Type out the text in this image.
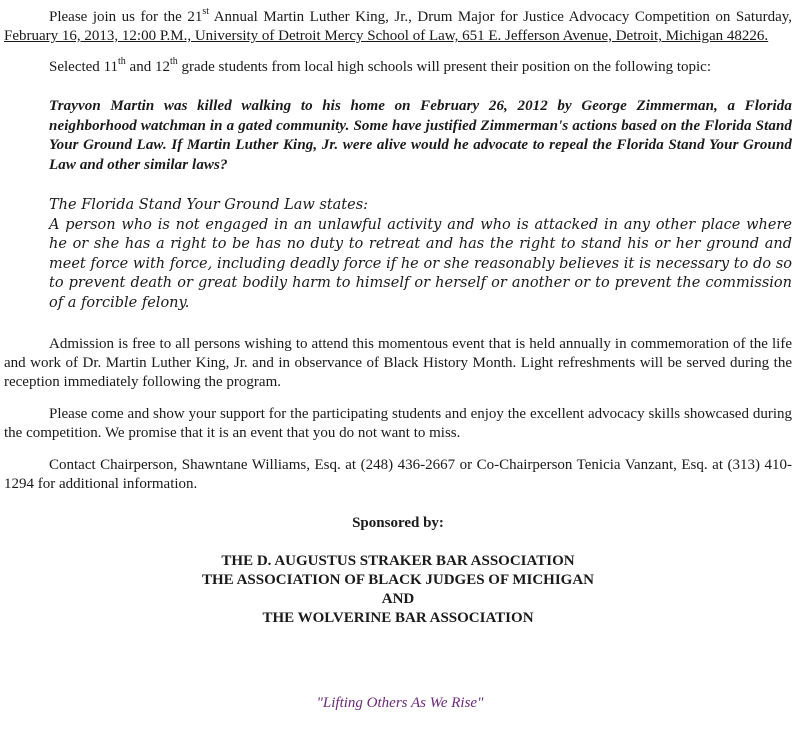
Please join us for the 21st Annual Martin Luther King, Jr., Drum Major for Justice Advocacy Competition on Saturday, February 16, 2013, 12:00 P.M., University of Detroit Mercy School of Law, 651 E. Jefferson Avenue, Detroit, Michigan 48226.

Selected 11th and 12th grade students from local high schools will present their position on the following topic:

Trayvon Martin was killed walking to his home on February 26, 2012 by George Zimmerman, a Florida neighborhood watchman in a gated community. Some have justified Zimmerman's actions based on the Florida Stand Your Ground Law. If Martin Luther King, Jr. were alive would he advocate to repeal the Florida Stand Your Ground Law and other similar laws?

The Florida Stand Your Ground Law states:
A person who is not engaged in an unlawful activity and who is attacked in any other place where he or she has a right to be has no duty to retreat and has the right to stand his or her ground and meet force with force, including deadly force if he or she reasonably believes it is necessary to do so to prevent death or great bodily harm to himself or herself or another or to prevent the commission of a forcible felony.

Admission is free to all persons wishing to attend this momentous event that is held annually in commemoration of the life and work of Dr. Martin Luther King, Jr. and in observance of Black History Month. Light refreshments will be served during the reception immediately following the program.

Please come and show your support for the participating students and enjoy the excellent advocacy skills showcased during the competition. We promise that it is an event that you do not want to miss.

Contact Chairperson, Shawntane Williams, Esq. at (248) 436-2667 or Co-Chairperson Tenicia Vanzant, Esq. at (313) 410-1294 for additional information.

Sponsored by:
THE D. AUGUSTUS STRAKER BAR ASSOCIATION
THE ASSOCIATION OF BLACK JUDGES OF MICHIGAN
AND
THE WOLVERINE BAR ASSOCIATION
"Lifting Others As We Rise"
